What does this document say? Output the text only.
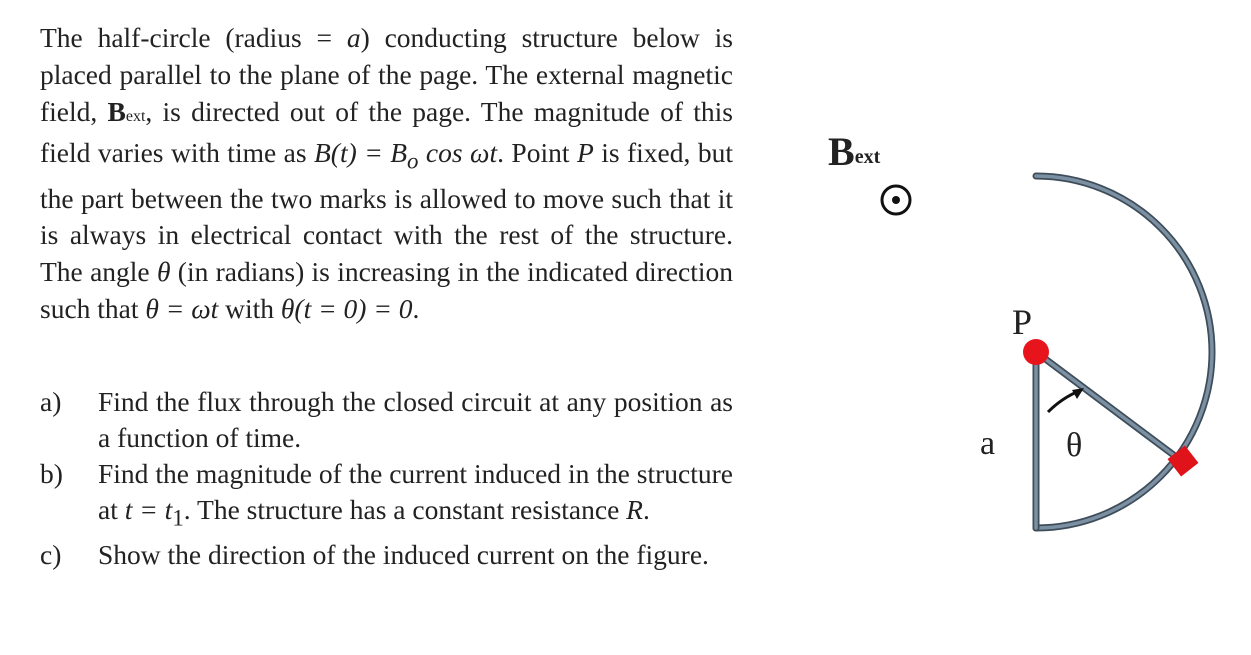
The half-circle (radius = a) conducting structure below is placed parallel to the plane of the page. The external magnetic field, Bext, is directed out of the page. The magnitude of this field varies with time as $B(t) = B_o$ cos ωt. Point P is fixed, but the part between the two marks is allowed to move such that it is always in electrical contact with the rest of the structure. The angle θ (in radians) is increasing in the indicated direction such that θ = ωt with θ(t = 0) = 0.

a) Find the flux through the closed circuit at any position as a function of time.
b) Find the magnitude of the current induced in the structure at $t = t_1$. The structure has a constant resistance R.
c) Show the direction of the induced current on the figure.
Bext
P
a θ
